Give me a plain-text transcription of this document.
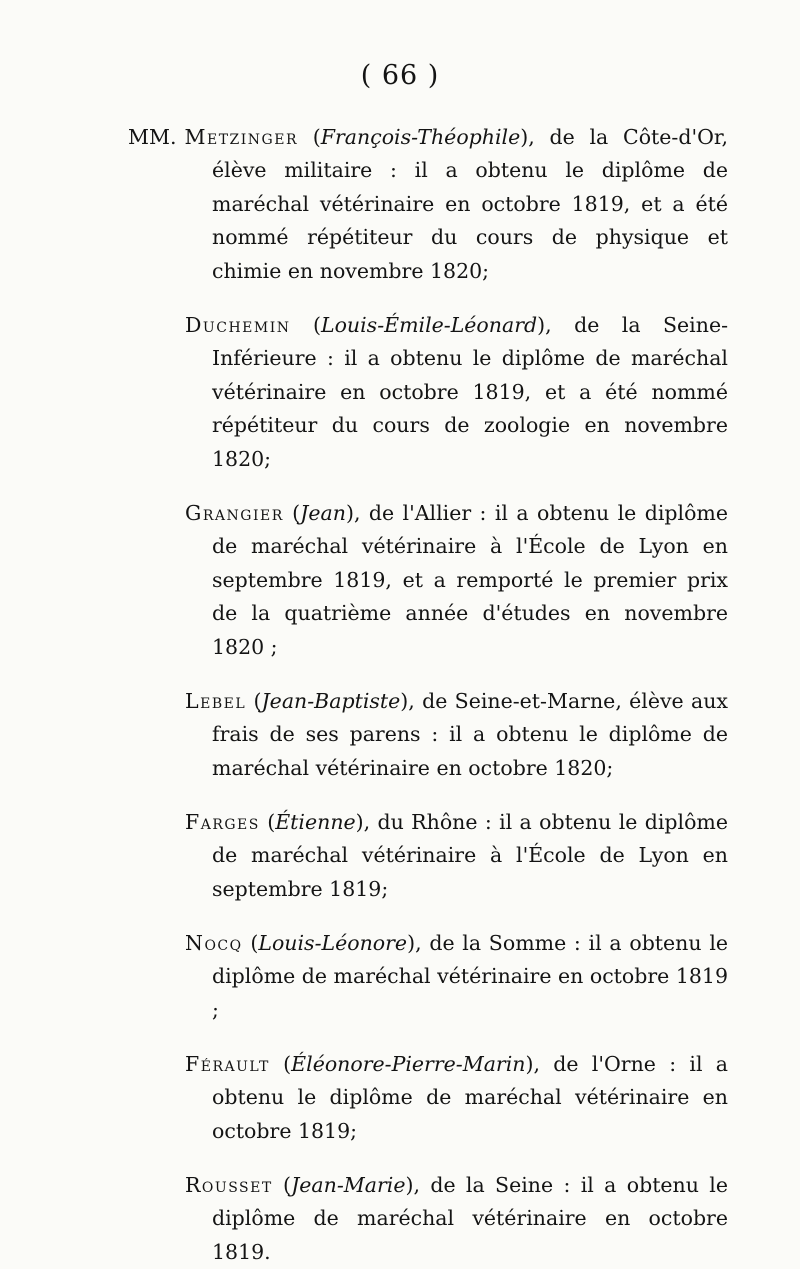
( 66 )

MM. Metzinger (François-Théophile), de la Côte-d'Or, élève militaire : il a obtenu le diplôme de maréchal vétérinaire en octobre 1819, et a été nommé répétiteur du cours de physique et chimie en novembre 1820;

Duchemin (Louis-Émile-Léonard), de la Seine-Inférieure : il a obtenu le diplôme de maréchal vétérinaire en octobre 1819, et a été nommé répétiteur du cours de zoologie en novembre 1820;

Grangier (Jean), de l'Allier : il a obtenu le diplôme de maréchal vétérinaire à l'École de Lyon en septembre 1819, et a remporté le premier prix de la quatrième année d'études en novembre 1820 ;

Lebel (Jean-Baptiste), de Seine-et-Marne, élève aux frais de ses parens : il a obtenu le diplôme de maréchal vétérinaire en octobre 1820;

Farges (Étienne), du Rhône : il a obtenu le diplôme de maréchal vétérinaire à l'École de Lyon en septembre 1819;

Nocq (Louis-Léonore), de la Somme : il a obtenu le diplôme de maréchal vétérinaire en octobre 1819 ;

Férault (Éléonore-Pierre-Marin), de l'Orne : il a obtenu le diplôme de maréchal vétérinaire en octobre 1819;

Rousset (Jean-Marie), de la Seine : il a obtenu le diplôme de maréchal vétérinaire en octobre 1819.
